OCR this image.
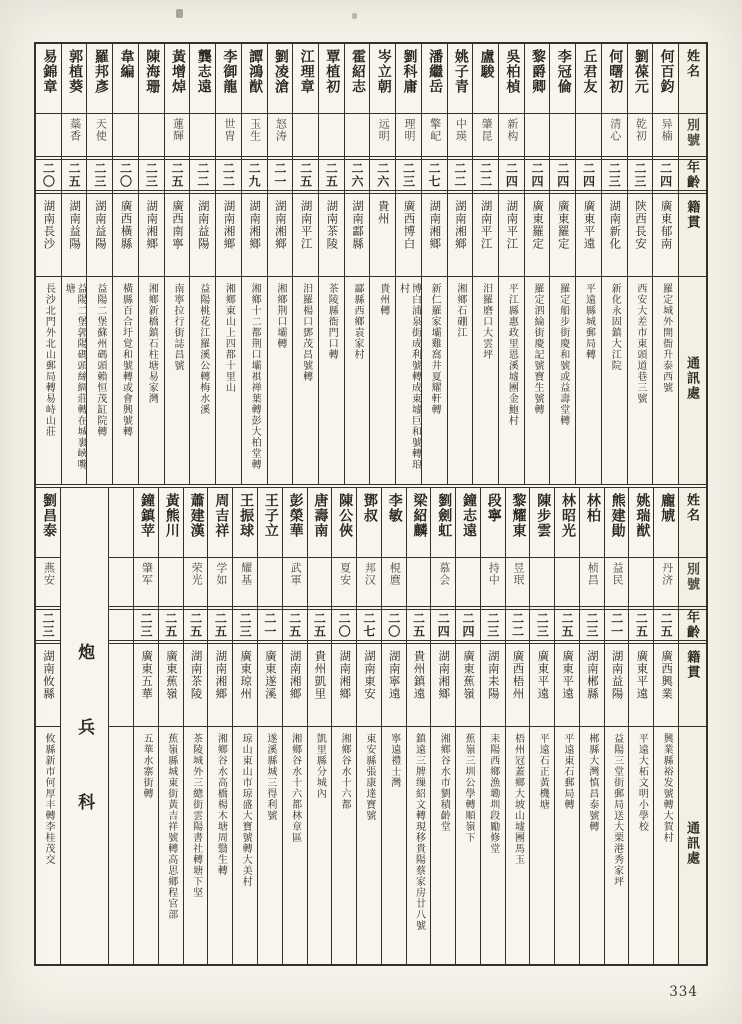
姓名
別號
年齡
籍貫
通訊處
何百鈞
异楠
二四
廣東郁南
羅定城外開衙升泰西號
劉葆元
乾初
二三
陝西長安
西安大差市東頭道巷三號
何曙初
清心
二三
湖南新化
新化永固鎮大江院
丘君友
二四
廣東平遠
平遠縣城郵局轉
李冠倫
二四
廣東羅定
羅定船步街慶和號或益壽堂轉
黎爵卿
二四
廣東羅定
羅定泗綸街慶記號寶生號轉
吳柏楨
新构
二四
湖南平江
平江縣惠政里恩溪墟團金鮑村
盧駿
肇昆
二二
湖南平江
汨羅磨口大雲坪
姚子青
中瑛
二二
湖南湘鄉
湘鄉石硼江
潘繼岳
擎屺
二七
湖南湘鄉
新仁羅家壩雞窩井夏耀軒轉
劉科庸
理明
二三
廣西博白
博白浦泉街成利號轉成東墟巨和號轉琅村
岑立朝
远明
二六
貴州
貴州轉
霍紹志
二六
湖南酃縣
酃縣西鄉袁家村
覃植初
二五
湖南茶陵
茶陵縣衙門口轉
江理章
二五
湖南平江
汨羅楊口鄧茂昌號轉
劉凌滄
怒涛
二一
湖南湘鄉
湘鄉荆口壩轉
譚鴻猷
玉生
二九
湖南湘鄉
湘鄉十二都荆口壩褀禅葉轉彭大柏堂轉
李御龍
世胄
二二
湖南湘鄉
湘鄉東山上四都十里山
龔志遠
二二
湖南益陽
益陽桃花江羅溪公轉梅水溪
黃增焯
蓮輝
二五
廣西南寧
南寧拉行街誌昌號
陳海珊
二三
湖南湘鄉
湘鄉新橋鎮石柱塘易家灣
韋編
二〇
廣西橫縣
橫縣百合圩覚和號轉或會興號轉
羅邦彥
天使
二三
湖南益陽
益陽二堡蘇州碼頭賴恒茂缸院轉
郭植葵
蘂香
二五
湖南益陽
益陽二堡郭陽碼頭絲綢莊轉在城裏峽嘴塘
易錦章
二〇
湖南長沙
長沙北門外北山郵局轉易峙山莊
姓名
別號
年齡
籍貫
通訊處
龐虓
丹济
二五
廣西興業
興業縣裕发號轉大賀村
姚瑞猷
二五
廣東平遠
平遠大柘文明小學校
熊建勛
益民
二一
湖南益陽
益陽三堂街郵局送大栗港秀家坪
林柏
桢昌
二三
湖南郴縣
郴縣大灣慎昌泰號轉
林昭光
二五
廣東平遠
平遠東石郵局轉
陳步雲
二三
廣東平遠
平遠石正黃機塘
黎耀東
昱珉
二二
廣西梧州
梧州冠蓋鄉大坡山墟團馬玉
段寧
持中
二三
湖南耒陽
耒陽西鄉漁墈圳段勵修堂
鐘志遠
二四
廣東蕉嶺
蕉嶺三圳公學轉順嶺下
劉劍虹
慕会
二四
湖南湘鄉
湘鄉谷水市劉積齡堂
梁紹麟
二五
貴州鎮遠
鎮遠三牌缫紹文轉現移貴陽蔡家房廿八號
李敏
梘麿
二〇
湖南寧遠
寧遠禮士灣
鄧叔
邦汉
二七
湖南東安
東安縣張康達寶號
陳公俠
夏安
二〇
湖南湘鄉
湘鄉谷水十六都
唐壽南
二五
貴州凱里
凱里縣分城內
彭榮華
武軍
二五
湖南湘鄉
湘鄉谷水十六都林章區
王子立
二一
廣東遂溪
遂溪縣城三得利號
王振球
耀基
二三
廣東琼州
琼山東山市琼盛大寶號轉大美村
周吉祥
学如
二五
湖南湘鄉
湘鄉谷水高橋楊木塘周翳生轉
蕭建漢
荣光
二五
湖南茶陵
茶陵城外三總街雲陽書社轉塘下坚
黃熊川
二五
廣東蕉嶺
蕉嶺縣城東街黃吉祥號轉高思鄉程官部
鐘鎮苹
肇军
二三
廣東五華
五華水寨街轉
炮兵科
劉昌泰
燕安
二三
湖南攸縣
攸縣新市何厚丰轉李桂茂交
334
